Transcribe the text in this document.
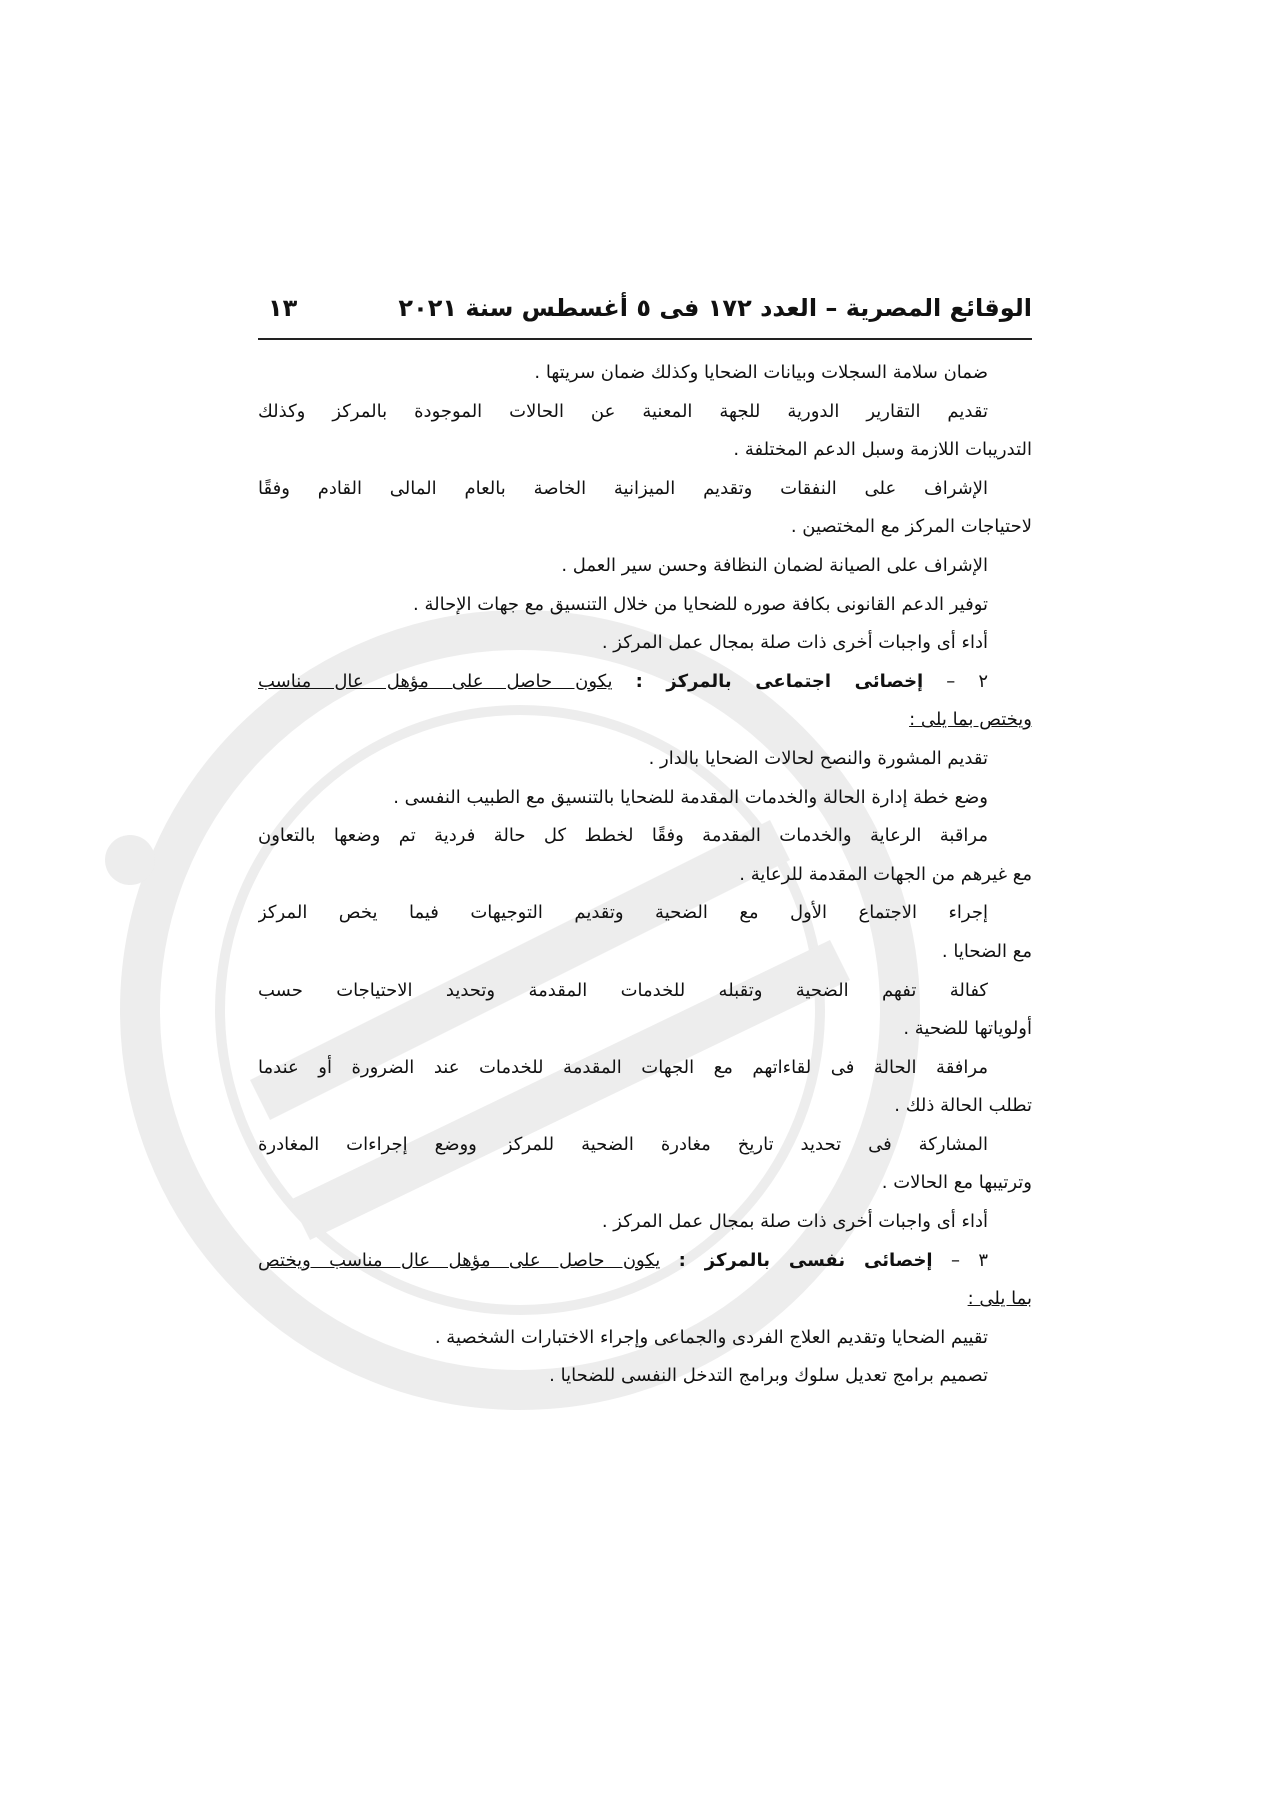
الوقائع المصرية – العدد ١٧٢ فى ٥ أغسطس سنة ٢٠٢١
١٣
ضمان سلامة السجلات وبيانات الضحايا وكذلك ضمان سريتها .
تقديم التقارير الدورية للجهة المعنية عن الحالات الموجودة بالمركز وكذلك
التدريبات اللازمة وسبل الدعم المختلفة .
الإشراف على النفقات وتقديم الميزانية الخاصة بالعام المالى القادم وفقًا
لاحتياجات المركز مع المختصين .
الإشراف على الصيانة لضمان النظافة وحسن سير العمل .
توفير الدعم القانونى بكافة صوره للضحايا من خلال التنسيق مع جهات الإحالة .
أداء أى واجبات أخرى ذات صلة بمجال عمل المركز .
٢ – إخصائى اجتماعى بالمركز : يكون حاصل على مؤهل عال مناسب
ويختص بما يلى :
تقديم المشورة والنصح لحالات الضحايا بالدار .
وضع خطة إدارة الحالة والخدمات المقدمة للضحايا بالتنسيق مع الطبيب النفسى .
مراقبة الرعاية والخدمات المقدمة وفقًا لخطط كل حالة فردية تم وضعها بالتعاون
مع غيرهم من الجهات المقدمة للرعاية .
إجراء الاجتماع الأول مع الضحية وتقديم التوجيهات فيما يخص المركز
مع الضحايا .
كفالة تفهم الضحية وتقبله للخدمات المقدمة وتحديد الاحتياجات حسب
أولوياتها للضحية .
مرافقة الحالة فى لقاءاتهم مع الجهات المقدمة للخدمات عند الضرورة أو عندما
تطلب الحالة ذلك .
المشاركة فى تحديد تاريخ مغادرة الضحية للمركز ووضع إجراءات المغادرة
وترتيبها مع الحالات .
أداء أى واجبات أخرى ذات صلة بمجال عمل المركز .
٣ – إخصائى نفسى بالمركز : يكون حاصل على مؤهل عال مناسب ويختص
بما يلى :
تقييم الضحايا وتقديم العلاج الفردى والجماعى وإجراء الاختبارات الشخصية .
تصميم برامج تعديل سلوك وبرامج التدخل النفسى للضحايا .
